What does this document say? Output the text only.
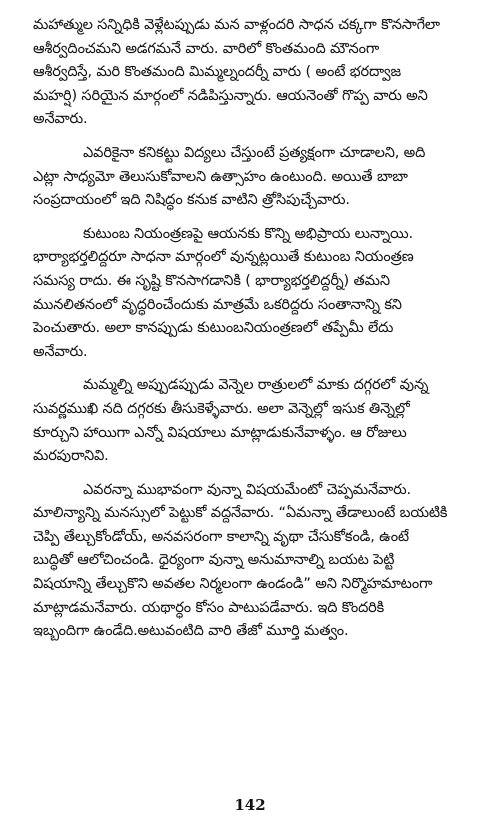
మహాత్ముల సన్నిధికి వెళ్లేటప్పుడు మన వాళ్లందరి సాధన చక్కగా కొనసాగేలా
ఆశీర్వదించమని అడగమనే వారు. వారిలో కొంతమంది మౌనంగా
ఆశీర్వదిస్తే, మరి కొంతమంది మిమ్మల్నందర్నీ వారు ( అంటే భరద్వాజ
మహర్షి) సరియైన మార్గంలో నడిపిస్తున్నారు. ఆయనెంతో గొప్ప వారు అని
అనేవారు.

ఎవరికైనా కనికట్టు విద్యలు చేస్తుంటే ప్రత్యక్షంగా చూడాలని, అది
ఎట్లా సాధ్యమో తెలుసుకోవాలని ఉత్సాహం ఉంటుంది. అయితే బాబా
సంప్రదాయంలో ఇది నిషిద్ధం కనుక వాటిని త్రోసిపుచ్చేవారు.

కుటుంబ నియంత్రణపై ఆయనకు కొన్ని అభిప్రాయ లున్నాయి.
భార్యాభర్తలిద్దరూ సాధనా మార్గంలో వున్నట్లయితే కుటుంబ నియంత్రణ
సమస్య రాదు. ఈ సృష్టి కొనసాగడానికి ( భార్యాభర్తలిద్దర్నీ) తమని
మునలితనంలో వృద్ధరించేందుకు మాత్రమే ఒకరిద్దరు సంతానాన్ని కని
పెంచుతారు. అలా కానప్పుడు కుటుంబనియంత్రణలో తప్పేమీ లేదు
అనేవారు.

మమ్మల్ని అప్పుడప్పుడు వెన్నెల రాత్రులలో మాకు దగ్గరలో వున్న
సువర్ణముఖి నది దగ్గరకు తీసుకెళ్ళేవారు. అలా వెన్నెల్లో ఇసుక తిన్నెల్లో
కూర్చుని హాయిగా ఎన్నో విషయాలు మాట్లాడుకునేవాళ్ళం. ఆ రోజులు
మరపురానివి.

ఎవరన్నా ముభావంగా వున్నా విషయమేంటో చెప్పమనేవారు.
మాలిన్యాన్ని మనస్సులో పెట్టుకో వద్దనేవారు. “ఏమన్నా తేడాలుంటే బయటికి
చెప్పి తేల్చుకోండోయ్, అనవసరంగా కాలాన్ని వృథా చేసుకోకండి, ఉంటే
బుద్ధితో ఆలోచించండి. ధైర్యంగా వున్నా అనుమానాల్ని బయట పెట్టి
విషయాన్ని తేల్చుకొని అవతల నిర్మలంగా ఉండండి” అని నిర్మొహమాటంగా
మాట్లాడమనేవారు. యథార్ధం కోసం పాటుపడేవారు. ఇది కొందరికి
ఇబ్బందిగా ఉండేది.అటువంటిది వారి తేజో మూర్తి మత్వం.

142
